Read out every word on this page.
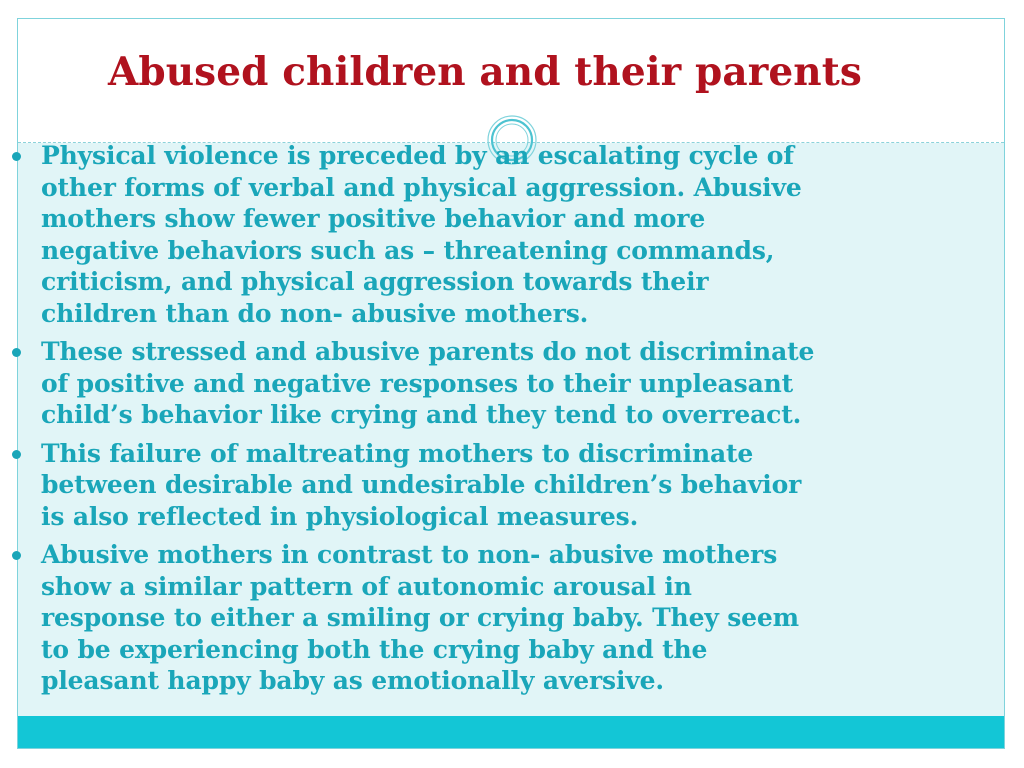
Abused children and their parents
Physical violence is preceded by an escalating cycle of
other forms of verbal and physical aggression. Abusive
mothers show fewer positive behavior and more
negative behaviors such as – threatening commands,
criticism, and physical aggression towards their
children than do non- abusive mothers.
These stressed and abusive parents do not discriminate
of positive and negative responses to their unpleasant
child’s behavior like crying and they tend to overreact.
This failure of maltreating mothers to discriminate
between desirable and undesirable children’s behavior
is also reflected in physiological measures.
Abusive mothers in contrast to non- abusive mothers
show a similar pattern of autonomic arousal in
response to either a smiling or crying baby. They seem
to be experiencing both the crying baby and the
pleasant happy baby as emotionally aversive.
